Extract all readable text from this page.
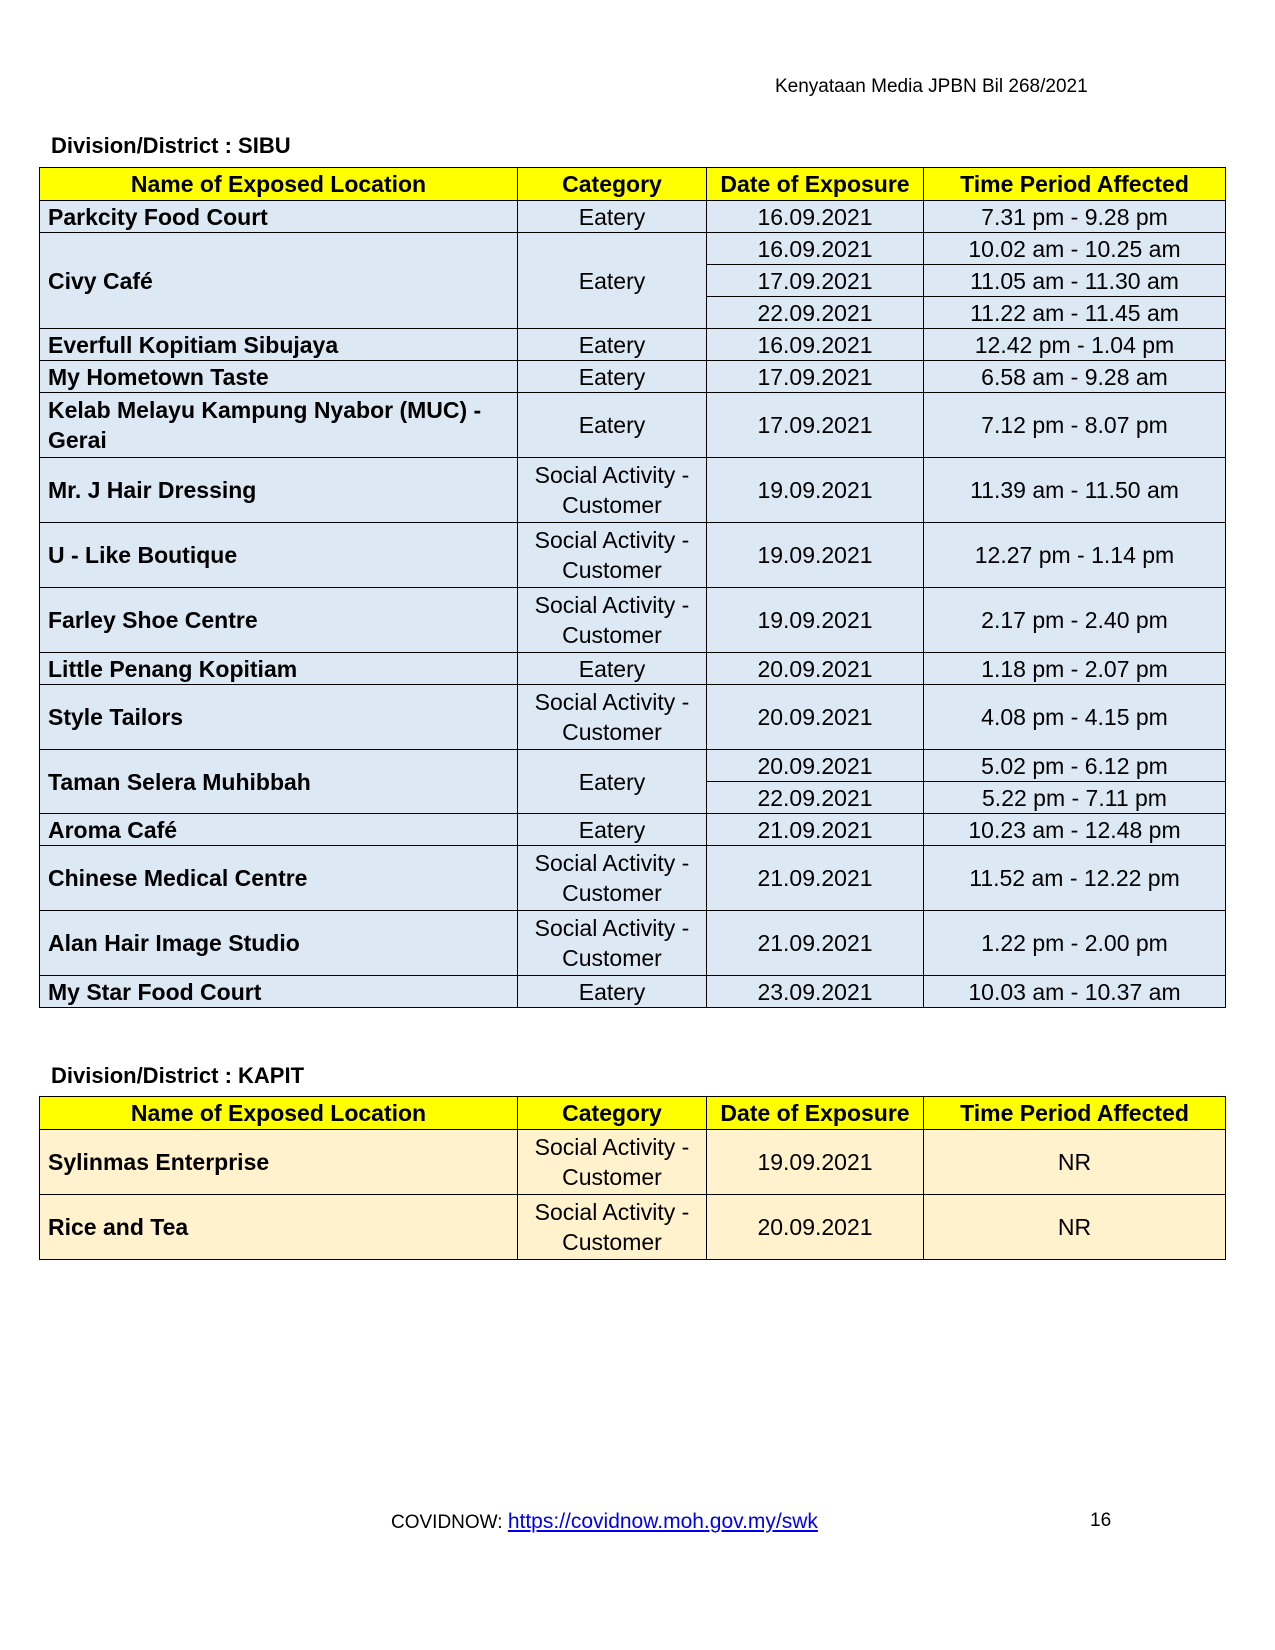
Kenyataan Media JPBN Bil 268/2021
Division/District : SIBU
Name of Exposed Location	Category	Date of Exposure	Time Period Affected
Parkcity Food Court	Eatery	16.09.2021	7.31 pm - 9.28 pm
Civy Café	Eatery	16.09.2021	10.02 am - 10.25 am
		17.09.2021	11.05 am - 11.30 am
		22.09.2021	11.22 am - 11.45 am
Everfull Kopitiam Sibujaya	Eatery	16.09.2021	12.42 pm - 1.04 pm
My Hometown Taste	Eatery	17.09.2021	6.58 am - 9.28 am
Kelab Melayu Kampung Nyabor (MUC) - Gerai	Eatery	17.09.2021	7.12 pm - 8.07 pm
Mr. J Hair Dressing	Social Activity - Customer	19.09.2021	11.39 am - 11.50 am
U - Like Boutique	Social Activity - Customer	19.09.2021	12.27 pm - 1.14 pm
Farley Shoe Centre	Social Activity - Customer	19.09.2021	2.17 pm - 2.40 pm
Little Penang Kopitiam	Eatery	20.09.2021	1.18 pm - 2.07 pm
Style Tailors	Social Activity - Customer	20.09.2021	4.08 pm - 4.15 pm
Taman Selera Muhibbah	Eatery	20.09.2021	5.02 pm - 6.12 pm
		22.09.2021	5.22 pm - 7.11 pm
Aroma Café	Eatery	21.09.2021	10.23 am - 12.48 pm
Chinese Medical Centre	Social Activity - Customer	21.09.2021	11.52 am - 12.22 pm
Alan Hair Image Studio	Social Activity - Customer	21.09.2021	1.22 pm - 2.00 pm
My Star Food Court	Eatery	23.09.2021	10.03 am - 10.37 am
Division/District : KAPIT
Name of Exposed Location	Category	Date of Exposure	Time Period Affected
Sylinmas Enterprise	Social Activity - Customer	19.09.2021	NR
Rice and Tea	Social Activity - Customer	20.09.2021	NR
COVIDNOW: https://covidnow.moh.gov.my/swk	16
